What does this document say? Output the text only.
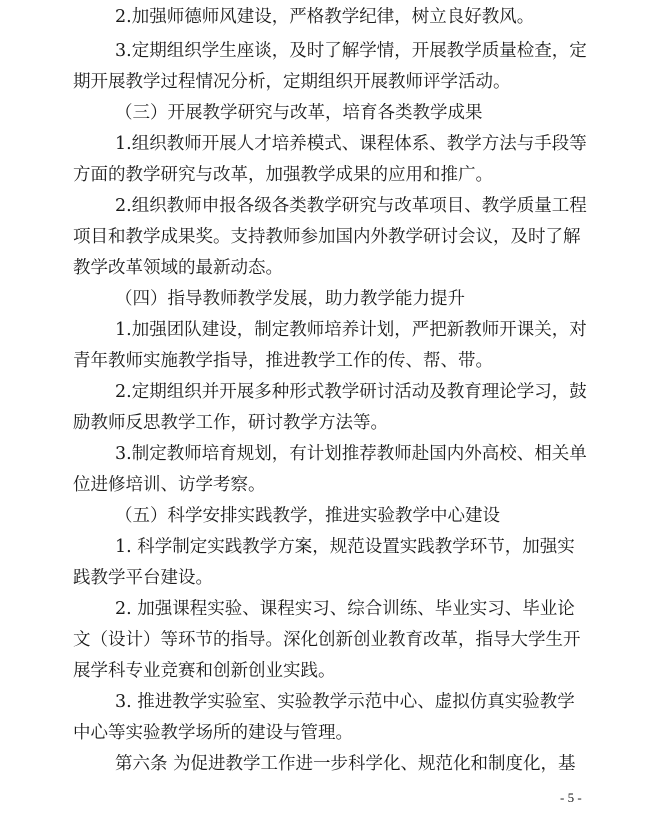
2.加强师德师风建设，严格教学纪律，树立良好教风。
3.定期组织学生座谈，及时了解学情，开展教学质量检查，定
期开展教学过程情况分析，定期组织开展教师评学活动。
（三）开展教学研究与改革，培育各类教学成果
1.组织教师开展人才培养模式、课程体系、教学方法与手段等
方面的教学研究与改革，加强教学成果的应用和推广。
2.组织教师申报各级各类教学研究与改革项目、教学质量工程
项目和教学成果奖。支持教师参加国内外教学研讨会议，及时了解
教学改革领域的最新动态。
（四）指导教师教学发展，助力教学能力提升
1.加强团队建设，制定教师培养计划，严把新教师开课关，对
青年教师实施教学指导，推进教学工作的传、帮、带。
2.定期组织并开展多种形式教学研讨活动及教育理论学习，鼓
励教师反思教学工作，研讨教学方法等。
3.制定教师培育规划，有计划推荐教师赴国内外高校、相关单
位进修培训、访学考察。
（五）科学安排实践教学，推进实验教学中心建设
1. 科学制定实践教学方案，规范设置实践教学环节，加强实
践教学平台建设。
2. 加强课程实验、课程实习、综合训练、毕业实习、毕业论
文（设计）等环节的指导。深化创新创业教育改革，指导大学生开
展学科专业竞赛和创新创业实践。
3. 推进教学实验室、实验教学示范中心、虚拟仿真实验教学
中心等实验教学场所的建设与管理。
第六条 为促进教学工作进一步科学化、规范化和制度化，基
- 5 -
